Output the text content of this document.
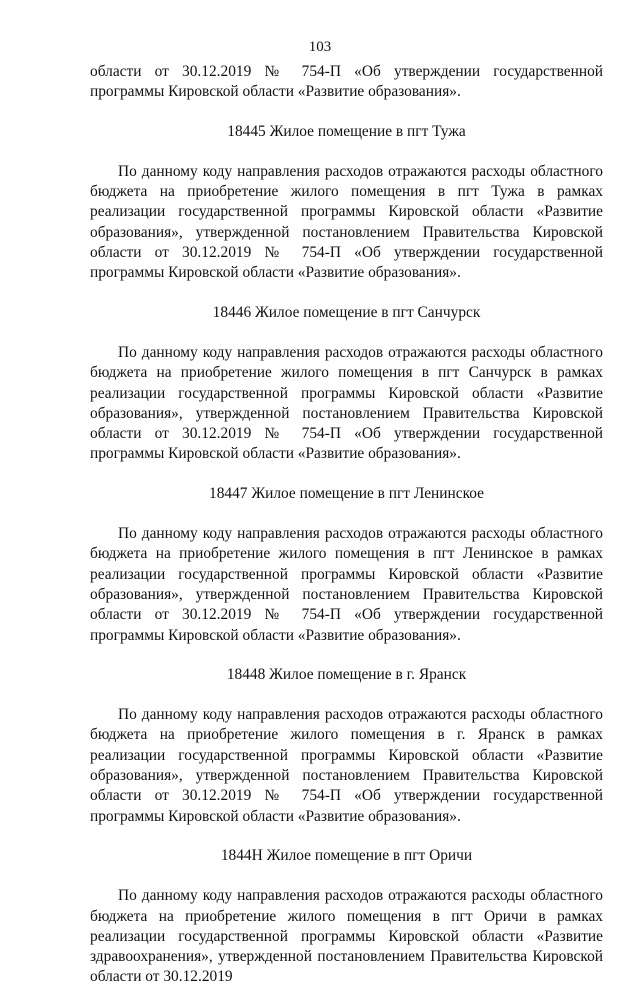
103

области от 30.12.2019 № 754-П «Об утверждении государственной программы Кировской области «Развитие образования».

18445 Жилое помещение в пгт Тужа

По данному коду направления расходов отражаются расходы областного бюджета на приобретение жилого помещения в пгт Тужа в рамках реализации государственной программы Кировской области «Развитие образования», утвержденной постановлением Правительства Кировской области от 30.12.2019 № 754-П «Об утверждении государственной программы Кировской области «Развитие образования».

18446 Жилое помещение в пгт Санчурск

По данному коду направления расходов отражаются расходы областного бюджета на приобретение жилого помещения в пгт Санчурск в рамках реализации государственной программы Кировской области «Развитие образования», утвержденной постановлением Правительства Кировской области от 30.12.2019 № 754-П «Об утверждении государственной программы Кировской области «Развитие образования».

18447 Жилое помещение в пгт Ленинское

По данному коду направления расходов отражаются расходы областного бюджета на приобретение жилого помещения в пгт Ленинское в рамках реализации государственной программы Кировской области «Развитие образования», утвержденной постановлением Правительства Кировской области от 30.12.2019 № 754-П «Об утверждении государственной программы Кировской области «Развитие образования».

18448 Жилое помещение в г. Яранск

По данному коду направления расходов отражаются расходы областного бюджета на приобретение жилого помещения в г. Яранск в рамках реализации государственной программы Кировской области «Развитие образования», утвержденной постановлением Правительства Кировской области от 30.12.2019 № 754-П «Об утверждении государственной программы Кировской области «Развитие образования».

1844Н Жилое помещение в пгт Оричи

По данному коду направления расходов отражаются расходы областного бюджета на приобретение жилого помещения в пгт Оричи в рамках реализации государственной программы Кировской области «Развитие здравоохранения», утвержденной постановлением Правительства Кировской области от 30.12.2019
